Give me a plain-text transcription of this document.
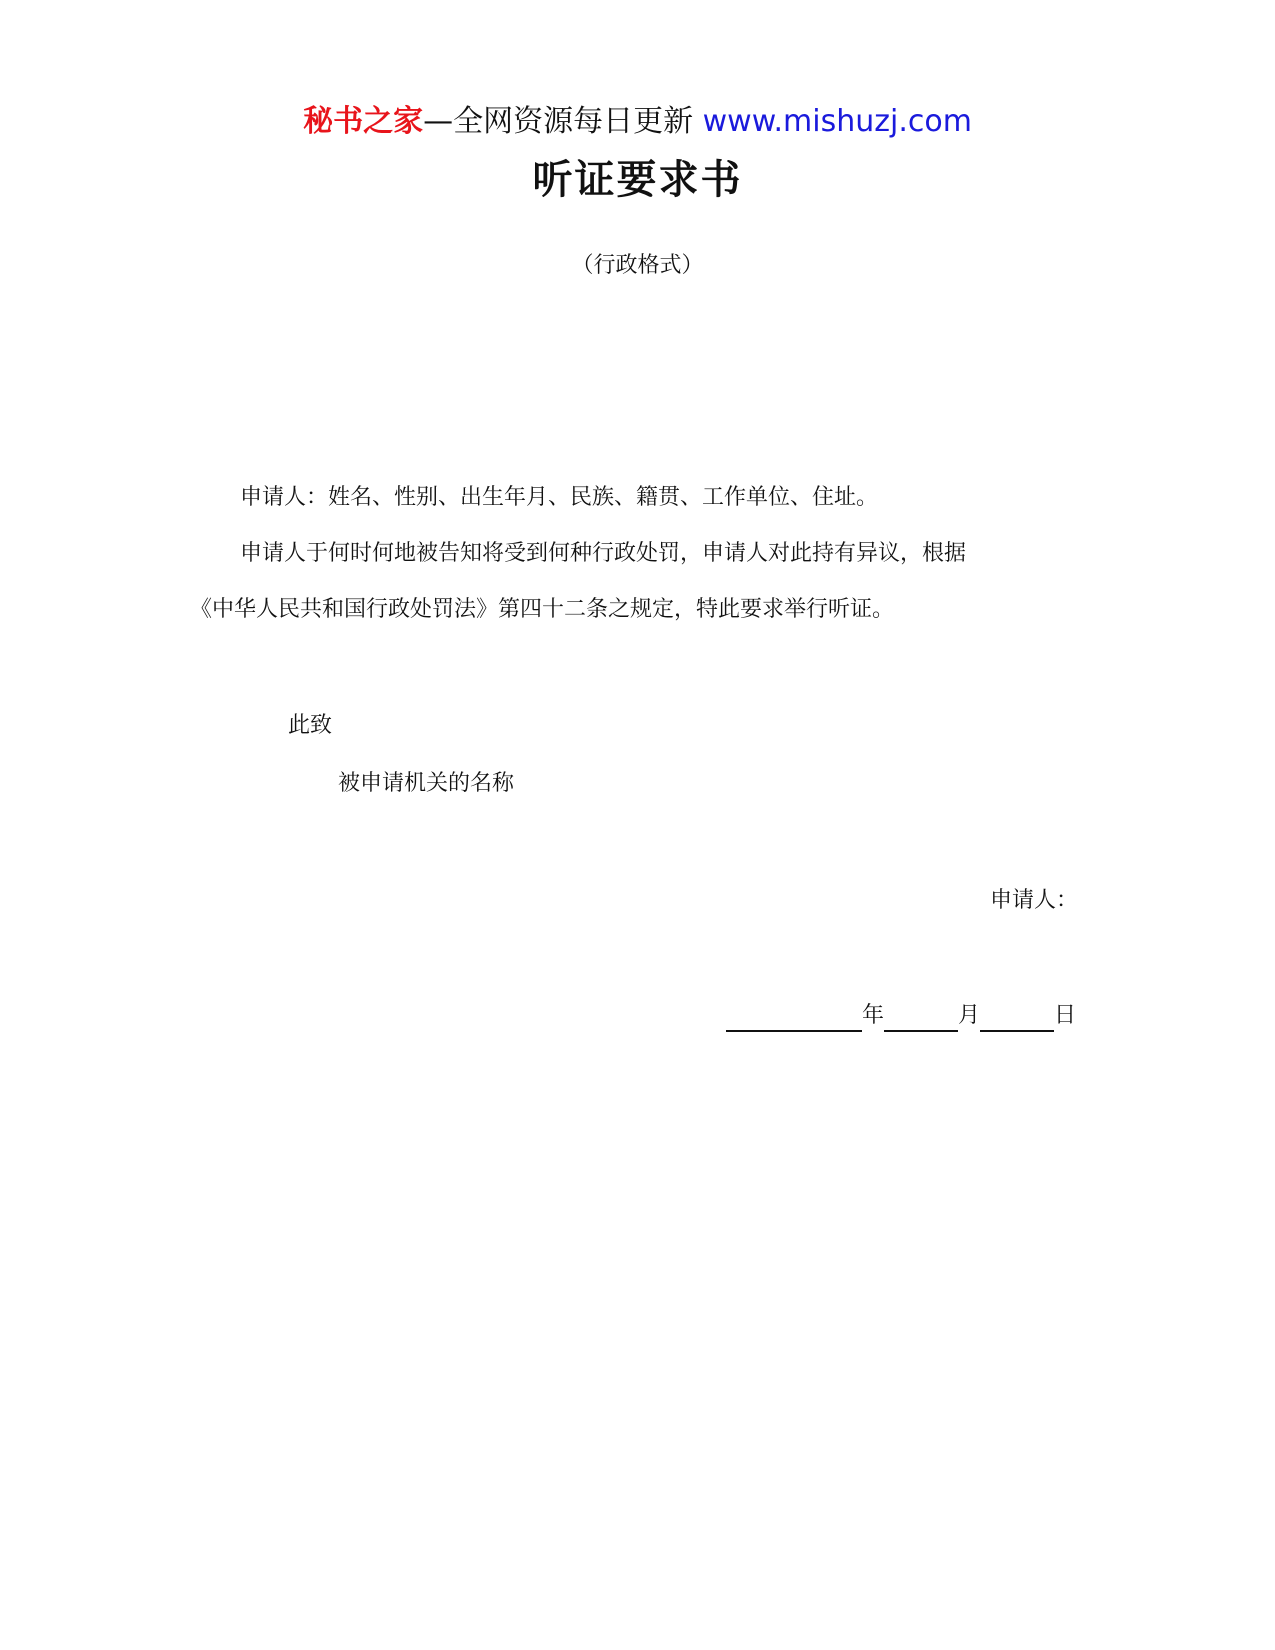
秘书之家—全网资源每日更新 www.mishuzj.com
听证要求书
（行政格式）
申请人：姓名、性别、出生年月、民族、籍贯、工作单位、住址。
申请人于何时何地被告知将受到何种行政处罚，申请人对此持有异议，根据
《中华人民共和国行政处罚法》第四十二条之规定，特此要求举行听证。
此致
被申请机关的名称
申请人：
年	月	日
